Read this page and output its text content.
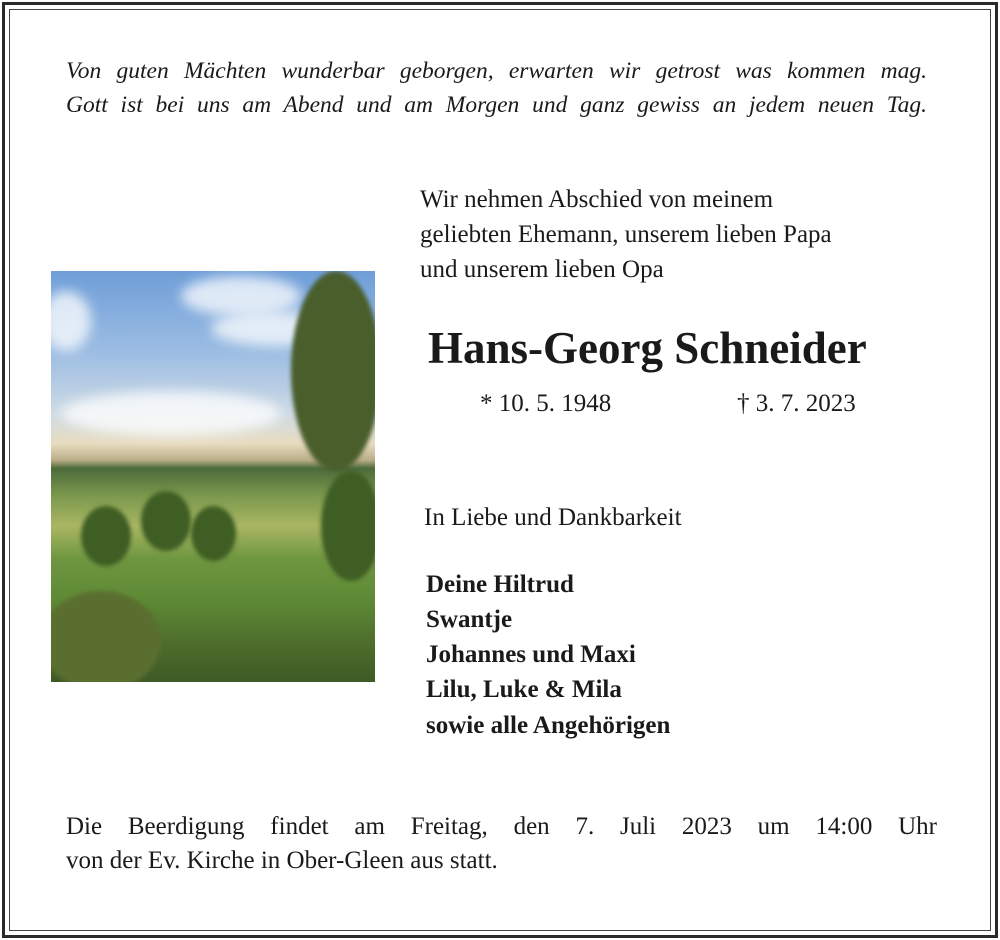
Von guten Mächten wunderbar geborgen, erwarten wir getrost was kommen mag.
Gott ist bei uns am Abend und am Morgen und ganz gewiss an jedem neuen Tag.
Wir nehmen Abschied von meinem
geliebten Ehemann, unserem lieben Papa
und unserem lieben Opa
Hans-Georg Schneider
* 10. 5. 1948	† 3. 7. 2023
In Liebe und Dankbarkeit
Deine Hiltrud
Swantje
Johannes und Maxi
Lilu, Luke & Mila
sowie alle Angehörigen
Die Beerdigung findet am Freitag, den 7. Juli 2023 um 14:00 Uhr
von der Ev. Kirche in Ober-Gleen aus statt.
